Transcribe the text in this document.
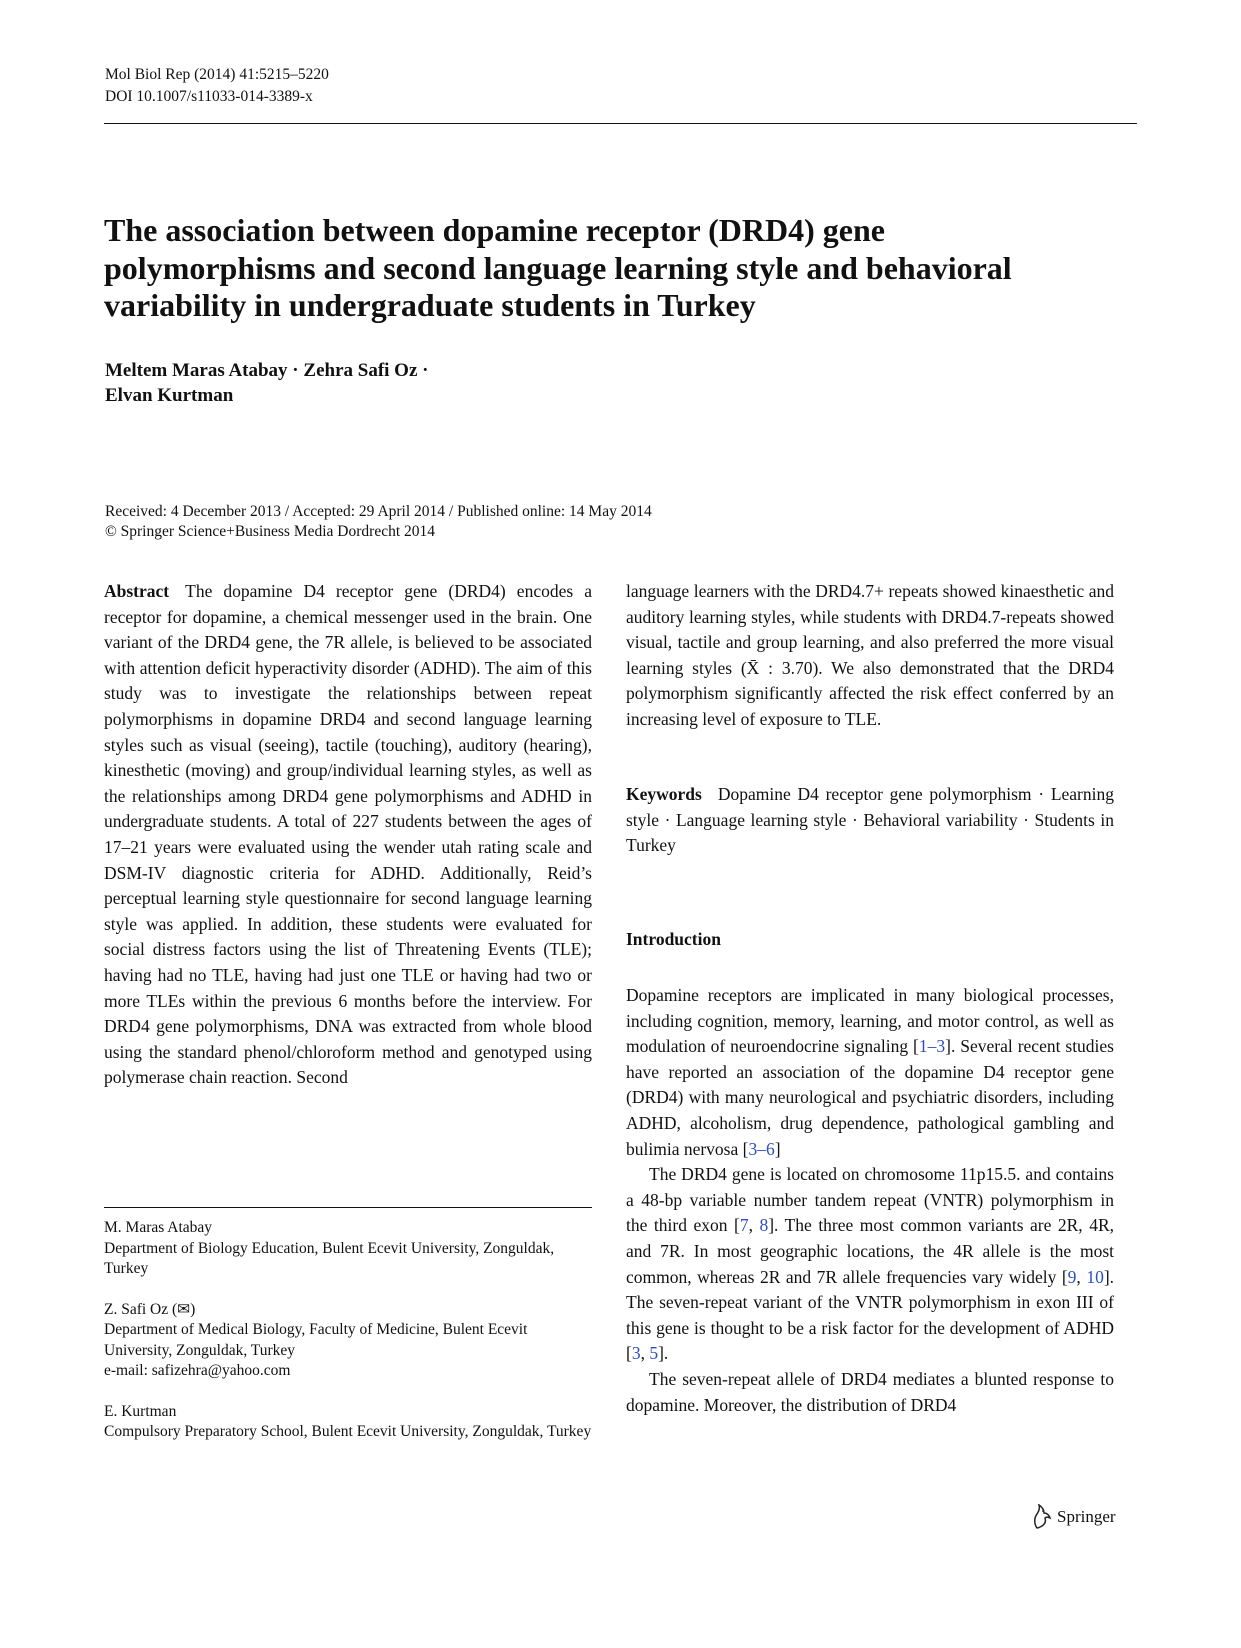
Mol Biol Rep (2014) 41:5215–5220
DOI 10.1007/s11033-014-3389-x
The association between dopamine receptor (DRD4) gene polymorphisms and second language learning style and behavioral variability in undergraduate students in Turkey
Meltem Maras Atabay · Zehra Safi Oz ·
Elvan Kurtman
Received: 4 December 2013 / Accepted: 29 April 2014 / Published online: 14 May 2014
© Springer Science+Business Media Dordrecht 2014
Abstract The dopamine D4 receptor gene (DRD4) encodes a receptor for dopamine, a chemical messenger used in the brain. One variant of the DRD4 gene, the 7R allele, is believed to be associated with attention deficit hyperactivity disorder (ADHD). The aim of this study was to investigate the relationships between repeat polymorphisms in dopamine DRD4 and second language learning styles such as visual (seeing), tactile (touching), auditory (hearing), kinesthetic (moving) and group/individual learning styles, as well as the relationships among DRD4 gene polymorphisms and ADHD in undergraduate students. A total of 227 students between the ages of 17–21 years were evaluated using the wender utah rating scale and DSM-IV diagnostic criteria for ADHD. Additionally, Reid’s perceptual learning style questionnaire for second language learning style was applied. In addition, these students were evaluated for social distress factors using the list of Threatening Events (TLE); having had no TLE, having had just one TLE or having had two or more TLEs within the previous 6 months before the interview. For DRD4 gene polymorphisms, DNA was extracted from whole blood using the standard phenol/chloroform method and genotyped using polymerase chain reaction. Second
language learners with the DRD4.7+ repeats showed kinaesthetic and auditory learning styles, while students with DRD4.7-repeats showed visual, tactile and group learning, and also preferred the more visual learning styles (X̄ : 3.70). We also demonstrated that the DRD4 polymorphism significantly affected the risk effect conferred by an increasing level of exposure to TLE.
Keywords Dopamine D4 receptor gene polymorphism · Learning style · Language learning style · Behavioral variability · Students in Turkey
Introduction

Dopamine receptors are implicated in many biological processes, including cognition, memory, learning, and motor control, as well as modulation of neuroendocrine signaling [1–3]. Several recent studies have reported an association of the dopamine D4 receptor gene (DRD4) with many neurological and psychiatric disorders, including ADHD, alcoholism, drug dependence, pathological gambling and bulimia nervosa [3–6]

The DRD4 gene is located on chromosome 11p15.5. and contains a 48-bp variable number tandem repeat (VNTR) polymorphism in the third exon [7, 8]. The three most common variants are 2R, 4R, and 7R. In most geographic locations, the 4R allele is the most common, whereas 2R and 7R allele frequencies vary widely [9, 10]. The seven-repeat variant of the VNTR polymorphism in exon III of this gene is thought to be a risk factor for the development of ADHD [3, 5].

The seven-repeat allele of DRD4 mediates a blunted response to dopamine. Moreover, the distribution of DRD4

M. Maras Atabay
Department of Biology Education, Bulent Ecevit University, Zonguldak, Turkey
Z. Safi Oz (✉)
Department of Medical Biology, Faculty of Medicine, Bulent Ecevit University, Zonguldak, Turkey
e-mail: safizehra@yahoo.com
E. Kurtman
Compulsory Preparatory School, Bulent Ecevit University, Zonguldak, Turkey
Springer
